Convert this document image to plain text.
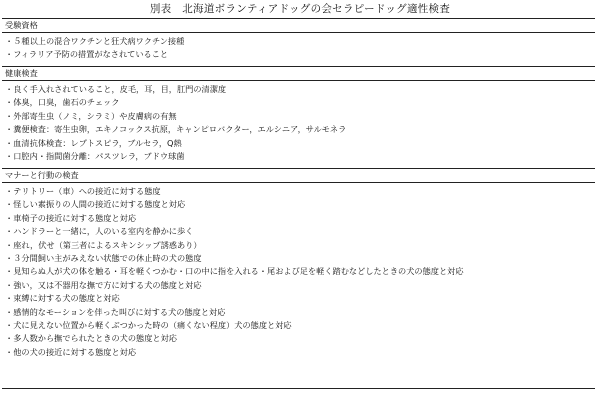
別表　北海道ボランティアドッグの会セラピードッグ適性検査
受験資格
・５種以上の混合ワクチンと狂犬病ワクチン接種
・フィラリア予防の措置がなされていること
健康検査
・良く手入れされていること，皮毛，耳，目，肛門の清潔度
・体臭，口臭，歯石のチェック
・外部寄生虫（ノミ，シラミ）や皮膚病の有無
・糞便検査：寄生虫卵，エキノコックス抗原，キャンピロバクター，エルシニア，サルモネラ
・血清抗体検査：レプトスピラ，ブルセラ，Q熱
・口腔内・指間菌分離：パスツレラ，ブドウ球菌
マナーと行動の検査
・テリトリー（車）への接近に対する態度
・怪しい素振りの人間の接近に対する態度と対応
・車椅子の接近に対する態度と対応
・ハンドラーと一緒に，人のいる室内を静かに歩く
・座れ，伏せ（第三者によるスキンシップ誘惑あり）
・３分間飼い主がみえない状態での休止時の犬の態度
・見知らぬ人が犬の体を触る・耳を軽くつかむ・口の中に指を入れる・尾および足を軽く踏むなどしたときの犬の態度と対応
・強い，又は不器用な撫で方に対する犬の態度と対応
・束縛に対する犬の態度と対応
・感情的なモーションを伴った叫びに対する犬の態度と対応
・犬に見えない位置から軽くぶつかった時の（痛くない程度）犬の態度と対応
・多人数から撫でられたときの犬の態度と対応
・他の犬の接近に対する態度と対応
